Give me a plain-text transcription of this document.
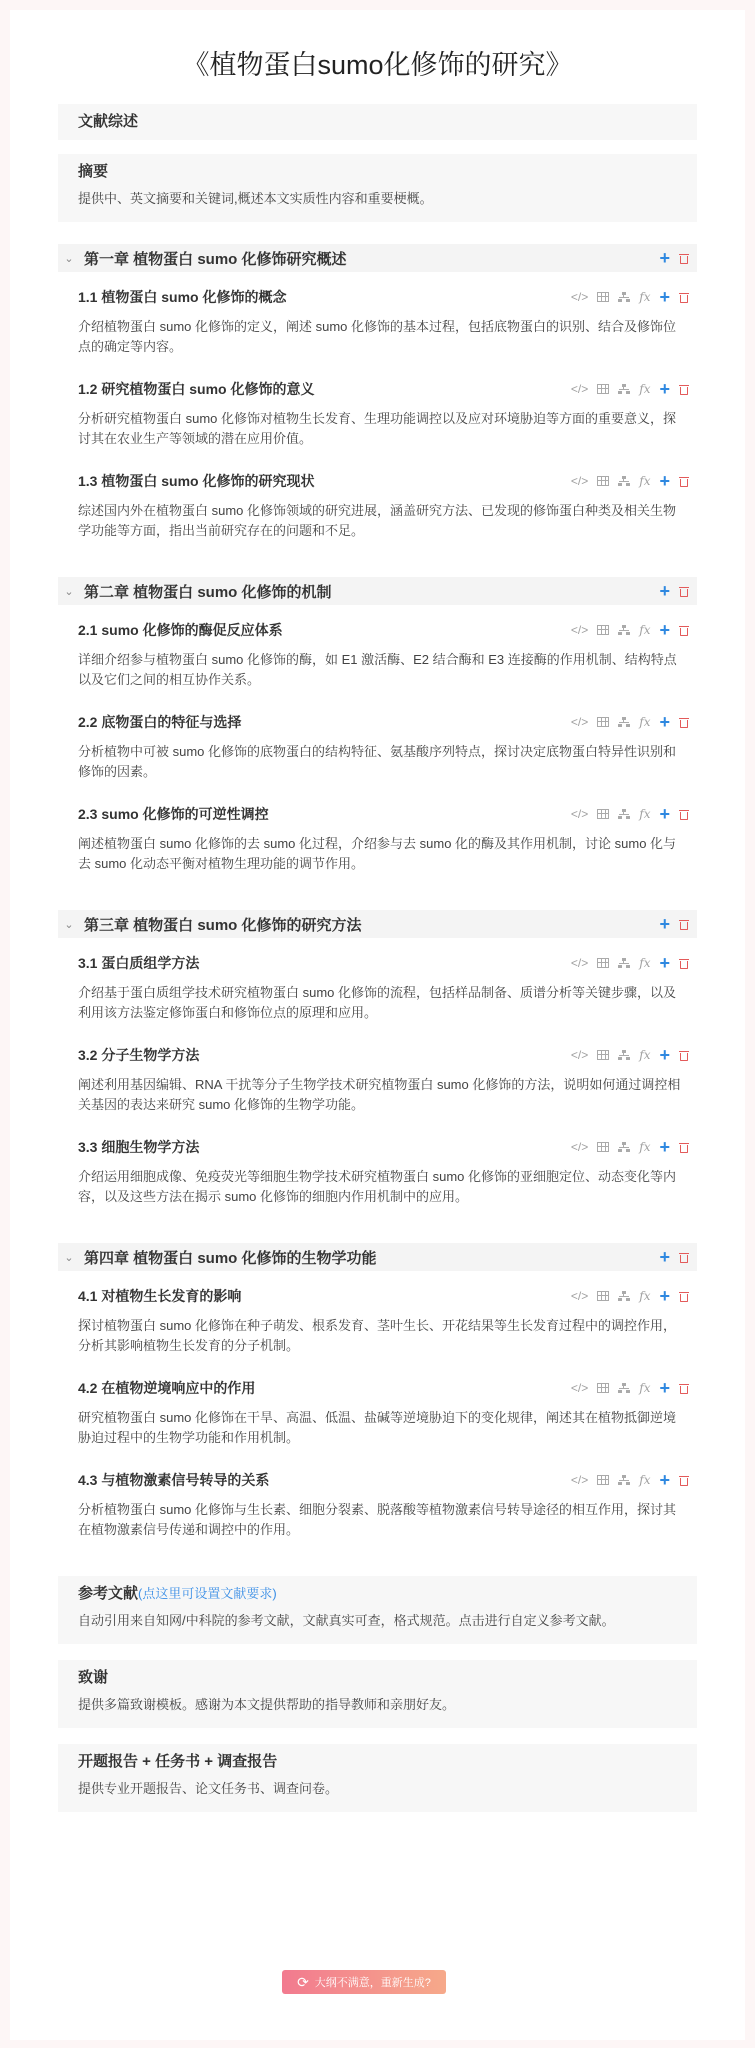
《植物蛋白sumo化修饰的研究》
文献综述
摘要
提供中、英文摘要和关键词,概述本文实质性内容和重要梗概。
⌄ 第一章 植物蛋白 sumo 化修饰研究概述	+
1.1 植物蛋白 sumo 化修饰的概念	</>	fx +
介绍植物蛋白 sumo 化修饰的定义，阐述 sumo 化修饰的基本过程，包括底物蛋白的识别、结合及修饰位点的确定等内容。
1.2 研究植物蛋白 sumo 化修饰的意义	</>	fx +
分析研究植物蛋白 sumo 化修饰对植物生长发育、生理功能调控以及应对环境胁迫等方面的重要意义，探讨其在农业生产等领域的潜在应用价值。
1.3 植物蛋白 sumo 化修饰的研究现状	</>	fx +
综述国内外在植物蛋白 sumo 化修饰领域的研究进展，涵盖研究方法、已发现的修饰蛋白种类及相关生物学功能等方面，指出当前研究存在的问题和不足。
⌄ 第二章 植物蛋白 sumo 化修饰的机制	+
2.1 sumo 化修饰的酶促反应体系	</>	fx +
详细介绍参与植物蛋白 sumo 化修饰的酶，如 E1 激活酶、E2 结合酶和 E3 连接酶的作用机制、结构特点以及它们之间的相互协作关系。
2.2 底物蛋白的特征与选择	</>	fx +
分析植物中可被 sumo 化修饰的底物蛋白的结构特征、氨基酸序列特点，探讨决定底物蛋白特异性识别和修饰的因素。
2.3 sumo 化修饰的可逆性调控	</>	fx +
阐述植物蛋白 sumo 化修饰的去 sumo 化过程，介绍参与去 sumo 化的酶及其作用机制，讨论 sumo 化与去 sumo 化动态平衡对植物生理功能的调节作用。
⌄ 第三章 植物蛋白 sumo 化修饰的研究方法	+
3.1 蛋白质组学方法	</>	fx +
介绍基于蛋白质组学技术研究植物蛋白 sumo 化修饰的流程，包括样品制备、质谱分析等关键步骤，以及利用该方法鉴定修饰蛋白和修饰位点的原理和应用。
3.2 分子生物学方法	</>	fx +
阐述利用基因编辑、RNA 干扰等分子生物学技术研究植物蛋白 sumo 化修饰的方法，说明如何通过调控相关基因的表达来研究 sumo 化修饰的生物学功能。
3.3 细胞生物学方法	</>	fx +
介绍运用细胞成像、免疫荧光等细胞生物学技术研究植物蛋白 sumo 化修饰的亚细胞定位、动态变化等内容，以及这些方法在揭示 sumo 化修饰的细胞内作用机制中的应用。
⌄ 第四章 植物蛋白 sumo 化修饰的生物学功能	+
4.1 对植物生长发育的影响	</>	fx +
探讨植物蛋白 sumo 化修饰在种子萌发、根系发育、茎叶生长、开花结果等生长发育过程中的调控作用，分析其影响植物生长发育的分子机制。
4.2 在植物逆境响应中的作用	</>	fx +
研究植物蛋白 sumo 化修饰在干旱、高温、低温、盐碱等逆境胁迫下的变化规律，阐述其在植物抵御逆境胁迫过程中的生物学功能和作用机制。
4.3 与植物激素信号转导的关系	</>	fx +
分析植物蛋白 sumo 化修饰与生长素、细胞分裂素、脱落酸等植物激素信号转导途径的相互作用，探讨其在植物激素信号传递和调控中的作用。
参考文献(点这里可设置文献要求)
自动引用来自知网/中科院的参考文献，文献真实可查，格式规范。点击进行自定义参考文献。
致谢
提供多篇致谢模板。感谢为本文提供帮助的指导教师和亲朋好友。
开题报告 + 任务书 + 调查报告
提供专业开题报告、论文任务书、调查问卷。
⟳ 大纲不满意，重新生成?
